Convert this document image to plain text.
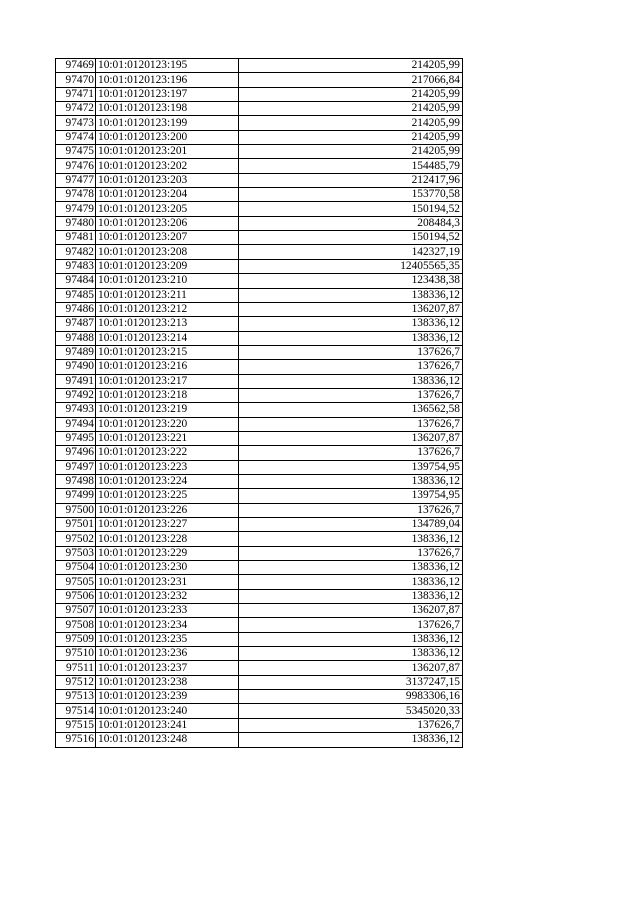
97469	10:01:0120123:195	214205,99
97470	10:01:0120123:196	217066,84
97471	10:01:0120123:197	214205,99
97472	10:01:0120123:198	214205,99
97473	10:01:0120123:199	214205,99
97474	10:01:0120123:200	214205,99
97475	10:01:0120123:201	214205,99
97476	10:01:0120123:202	154485,79
97477	10:01:0120123:203	212417,96
97478	10:01:0120123:204	153770,58
97479	10:01:0120123:205	150194,52
97480	10:01:0120123:206	208484,3
97481	10:01:0120123:207	150194,52
97482	10:01:0120123:208	142327,19
97483	10:01:0120123:209	12405565,35
97484	10:01:0120123:210	123438,38
97485	10:01:0120123:211	138336,12
97486	10:01:0120123:212	136207,87
97487	10:01:0120123:213	138336,12
97488	10:01:0120123:214	138336,12
97489	10:01:0120123:215	137626,7
97490	10:01:0120123:216	137626,7
97491	10:01:0120123:217	138336,12
97492	10:01:0120123:218	137626,7
97493	10:01:0120123:219	136562,58
97494	10:01:0120123:220	137626,7
97495	10:01:0120123:221	136207,87
97496	10:01:0120123:222	137626,7
97497	10:01:0120123:223	139754,95
97498	10:01:0120123:224	138336,12
97499	10:01:0120123:225	139754,95
97500	10:01:0120123:226	137626,7
97501	10:01:0120123:227	134789,04
97502	10:01:0120123:228	138336,12
97503	10:01:0120123:229	137626,7
97504	10:01:0120123:230	138336,12
97505	10:01:0120123:231	138336,12
97506	10:01:0120123:232	138336,12
97507	10:01:0120123:233	136207,87
97508	10:01:0120123:234	137626,7
97509	10:01:0120123:235	138336,12
97510	10:01:0120123:236	138336,12
97511	10:01:0120123:237	136207,87
97512	10:01:0120123:238	3137247,15
97513	10:01:0120123:239	9983306,16
97514	10:01:0120123:240	5345020,33
97515	10:01:0120123:241	137626,7
97516	10:01:0120123:248	138336,12
